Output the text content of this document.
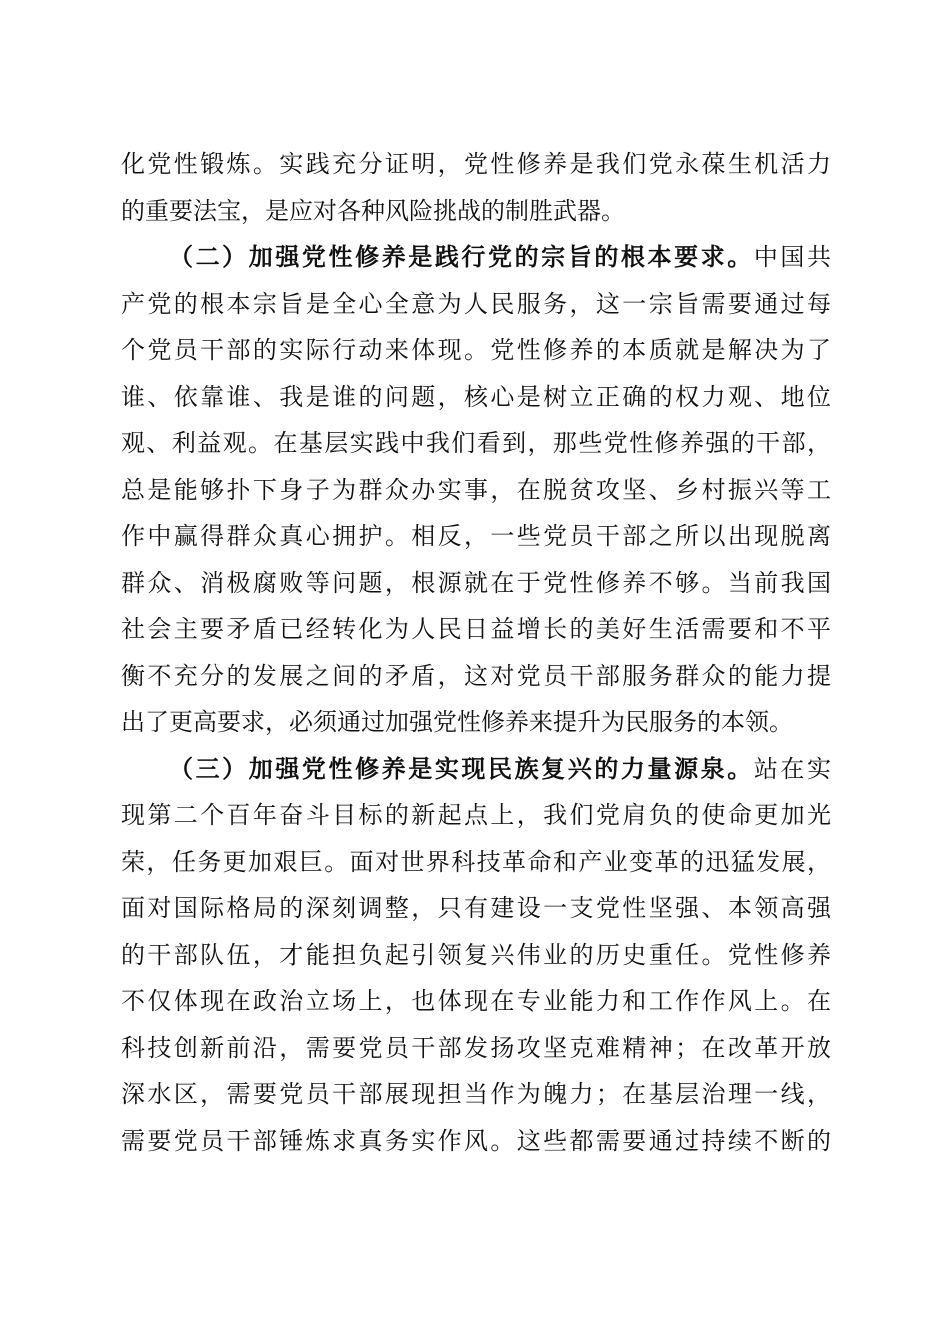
化党性锻炼。实践充分证明，党性修养是我们党永葆生机活力
的重要法宝，是应对各种风险挑战的制胜武器。
（二）加强党性修养是践行党的宗旨的根本要求。中国共
产党的根本宗旨是全心全意为人民服务，这一宗旨需要通过每
个党员干部的实际行动来体现。党性修养的本质就是解决为了
谁、依靠谁、我是谁的问题，核心是树立正确的权力观、地位
观、利益观。在基层实践中我们看到，那些党性修养强的干部，
总是能够扑下身子为群众办实事，在脱贫攻坚、乡村振兴等工
作中赢得群众真心拥护。相反，一些党员干部之所以出现脱离
群众、消极腐败等问题，根源就在于党性修养不够。当前我国
社会主要矛盾已经转化为人民日益增长的美好生活需要和不平
衡不充分的发展之间的矛盾，这对党员干部服务群众的能力提
出了更高要求，必须通过加强党性修养来提升为民服务的本领。
（三）加强党性修养是实现民族复兴的力量源泉。站在实
现第二个百年奋斗目标的新起点上，我们党肩负的使命更加光
荣，任务更加艰巨。面对世界科技革命和产业变革的迅猛发展，
面对国际格局的深刻调整，只有建设一支党性坚强、本领高强
的干部队伍，才能担负起引领复兴伟业的历史重任。党性修养
不仅体现在政治立场上，也体现在专业能力和工作作风上。在
科技创新前沿，需要党员干部发扬攻坚克难精神；在改革开放
深水区，需要党员干部展现担当作为魄力；在基层治理一线，
需要党员干部锤炼求真务实作风。这些都需要通过持续不断的
